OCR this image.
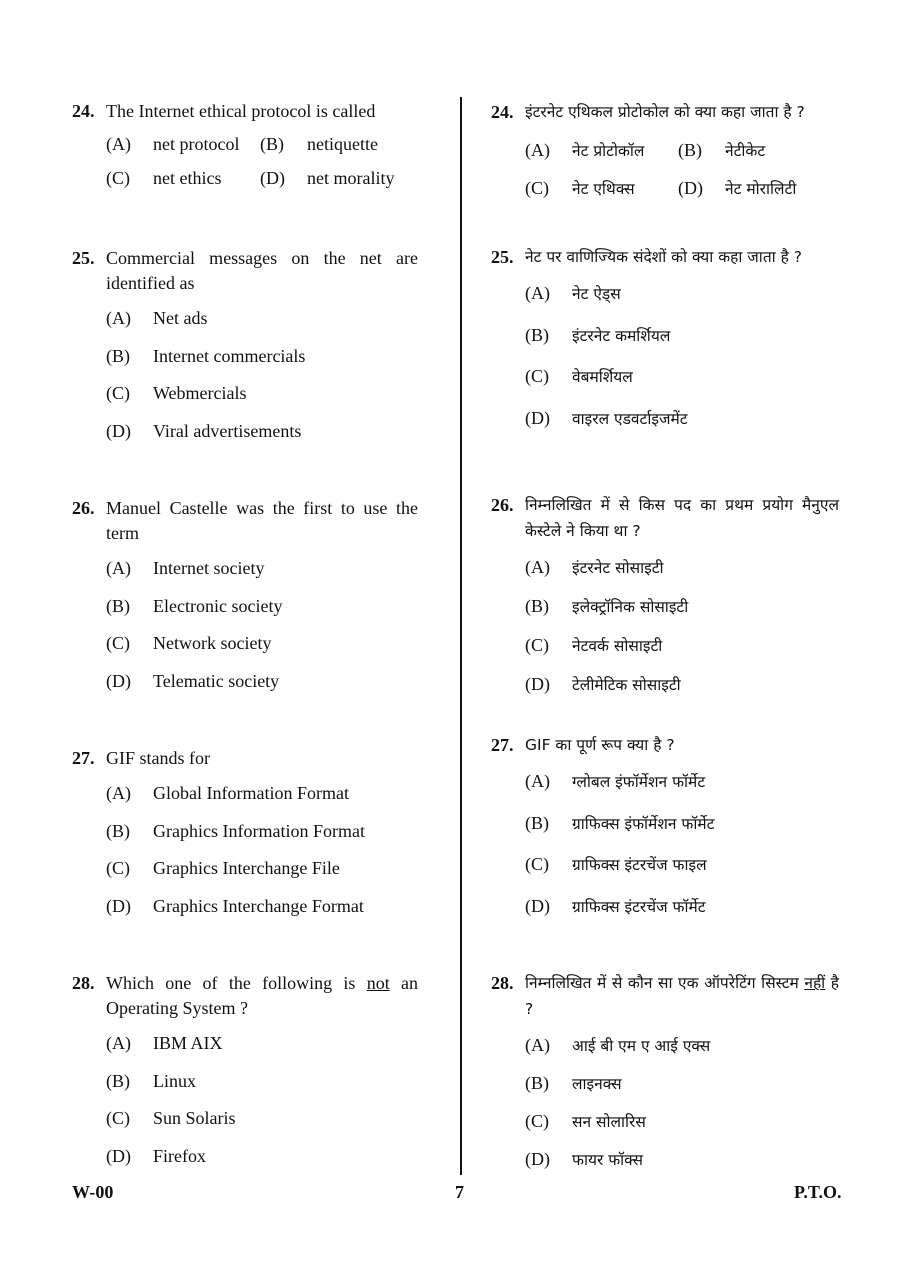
24. The Internet ethical protocol is called
(A)	net protocol (B)	netiquette
(C)	net ethics (D)	net morality
25. Commercial messages on the net are identified as
(A)	Net ads
(B)	Internet commercials
(C)	Webmercials
(D)	Viral advertisements
26. Manuel Castelle was the first to use the term
(A)	Internet society
(B)	Electronic society
(C)	Network society
(D)	Telematic society
27. GIF stands for
(A)	Global Information Format
(B)	Graphics Information Format
(C)	Graphics Interchange File
(D)	Graphics Interchange Format
28. Which one of the following is not an Operating System ?
(A)	IBM AIX
(B)	Linux
(C)	Sun Solaris
(D)	Firefox
24. इंटरनेट एथिकल प्रोटोकोल को क्या कहा जाता है ?
(A)	नेट प्रोटोकॉल (B)	नेटीकेट
(C)	नेट एथिक्स (D)	नेट मोरालिटी
25. नेट पर वाणिज्यिक संदेशों को क्या कहा जाता है ?
(A)	नेट ऐड्स
(B)	इंटरनेट कमर्शियल
(C)	वेबमर्शियल
(D)	वाइरल एडवर्टाइजमेंट
26. निम्नलिखित में से किस पद का प्रथम प्रयोग मैनुएल केस्टेले ने किया था ?
(A)	इंटरनेट सोसाइटी
(B)	इलेक्ट्रॉनिक सोसाइटी
(C)	नेटवर्क सोसाइटी
(D)	टेलीमेटिक सोसाइटी
27. GIF का पूर्ण रूप क्या है ?
(A)	ग्लोबल इंफॉर्मेशन फॉर्मेट
(B)	ग्राफिक्स इंफॉर्मेशन फॉर्मेट
(C)	ग्राफिक्स इंटरचेंज फाइल
(D)	ग्राफिक्स इंटरचेंज फॉर्मेट
28. निम्नलिखित में से कौन सा एक ऑपरेटिंग सिस्टम नहीं है ?
(A)	आई बी एम ए आई एक्स
(B)	लाइनक्स
(C)	सन सोलारिस
(D)	फायर फॉक्स
W-00	7	P.T.O.
